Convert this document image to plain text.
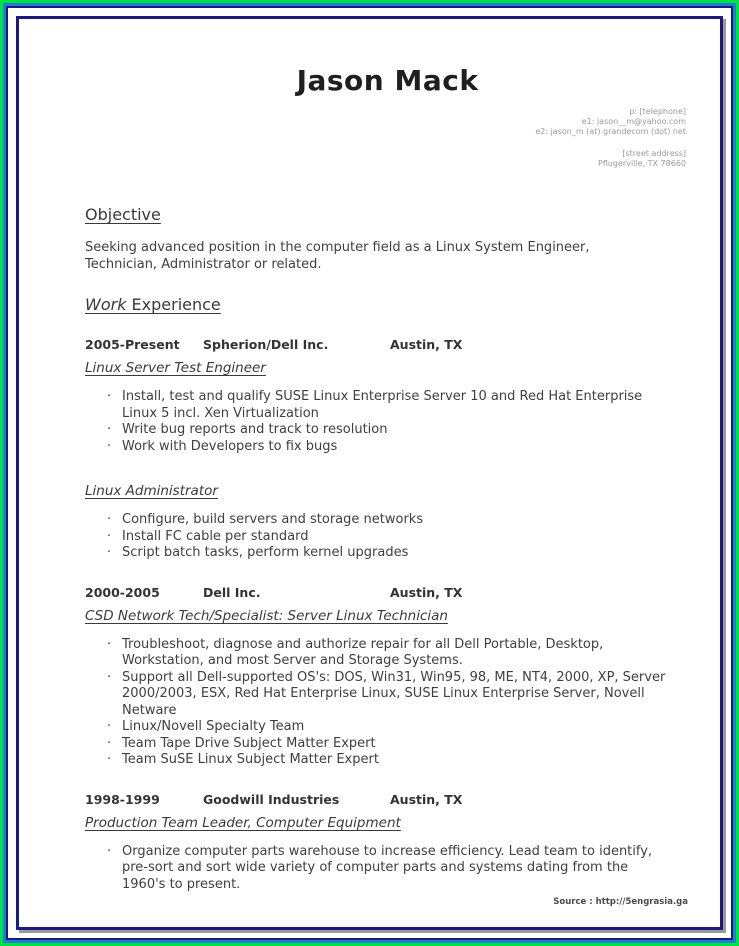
Jason Mack
p: [telephone]
e1: jason__m@yahoo.com
e2: jason_m (at) grandecom (dot) net
[street address]
Pflugerville, TX 78660
Objective

Seeking advanced position in the computer field as a Linux System Engineer, Technician, Administrator or related.

Work Experience
2005-Present	Spherion/Dell Inc.	Austin, TX
Linux Server Test Engineer
· Install, test and qualify SUSE Linux Enterprise Server 10 and Red Hat Enterprise Linux 5 incl. Xen Virtualization
· Write bug reports and track to resolution
· Work with Developers to fix bugs
Linux Administrator
· Configure, build servers and storage networks
· Install FC cable per standard
· Script batch tasks, perform kernel upgrades
2000-2005	Dell Inc.	Austin, TX
CSD Network Tech/Specialist: Server Linux Technician
· Troubleshoot, diagnose and authorize repair for all Dell Portable, Desktop, Workstation, and most Server and Storage Systems.
· Support all Dell-supported OS's: DOS, Win31, Win95, 98, ME, NT4, 2000, XP, Server 2000/2003, ESX, Red Hat Enterprise Linux, SUSE Linux Enterprise Server, Novell Netware
· Linux/Novell Specialty Team
· Team Tape Drive Subject Matter Expert
· Team SuSE Linux Subject Matter Expert
1998-1999	Goodwill Industries	Austin, TX
Production Team Leader, Computer Equipment
· Organize computer parts warehouse to increase efficiency. Lead team to identify, pre-sort and sort wide variety of computer parts and systems dating from the 1960's to present.
Source : http://5engrasia.ga
